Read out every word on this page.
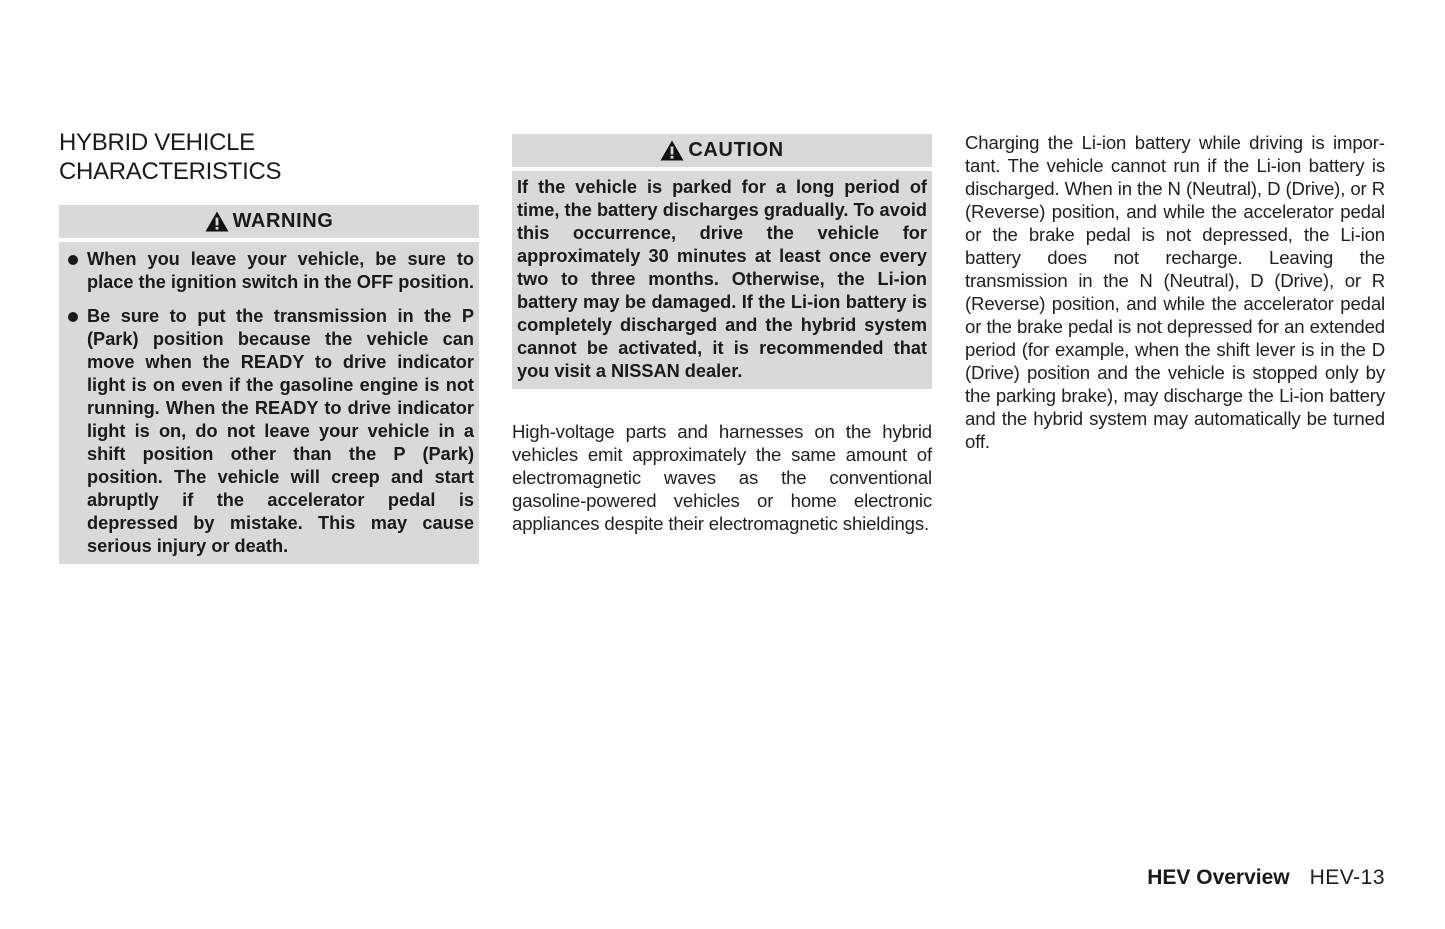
HYBRID VEHICLE
CHARACTERISTICS
WARNING
When you leave your vehicle, be sure to place the ignition switch in the OFF position.
Be sure to put the transmission in the P (Park) position because the vehicle can move when the READY to drive indicator light is on even if the gasoline engine is not running. When the READY to drive indicator light is on, do not leave your vehicle in a shift position other than the P (Park) position. The vehicle will creep and start abruptly if the accelerator pedal is depressed by mistake. This may cause serious injury or death.
CAUTION
If the vehicle is parked for a long period of time, the battery discharges gradually. To avoid this occurrence, drive the vehicle for approximately 30 minutes at least once every two to three months. Otherwise, the Li-ion battery may be damaged. If the Li-ion battery is completely discharged and the hybrid system cannot be activated, it is recommended that you visit a NISSAN dealer.

High-voltage parts and harnesses on the hybrid vehicles emit approximately the same amount of electromagnetic waves as the conventional gasoline-powered vehicles or home electronic appliances despite their electromagnetic shieldings.

Charging the Li-ion battery while driving is important. The vehicle cannot run if the Li-ion battery is discharged. When in the N (Neutral), D (Drive), or R (Reverse) position, and while the accelerator pedal or the brake pedal is not depressed, the Li-ion battery does not recharge. Leaving the transmission in the N (Neutral), D (Drive), or R (Reverse) position, and while the accelerator pedal or the brake pedal is not depressed for an extended period (for example, when the shift lever is in the D (Drive) position and the vehicle is stopped only by the parking brake), may discharge the Li-ion battery and the hybrid system may automatically be turned off.

HEV Overview HEV-13
